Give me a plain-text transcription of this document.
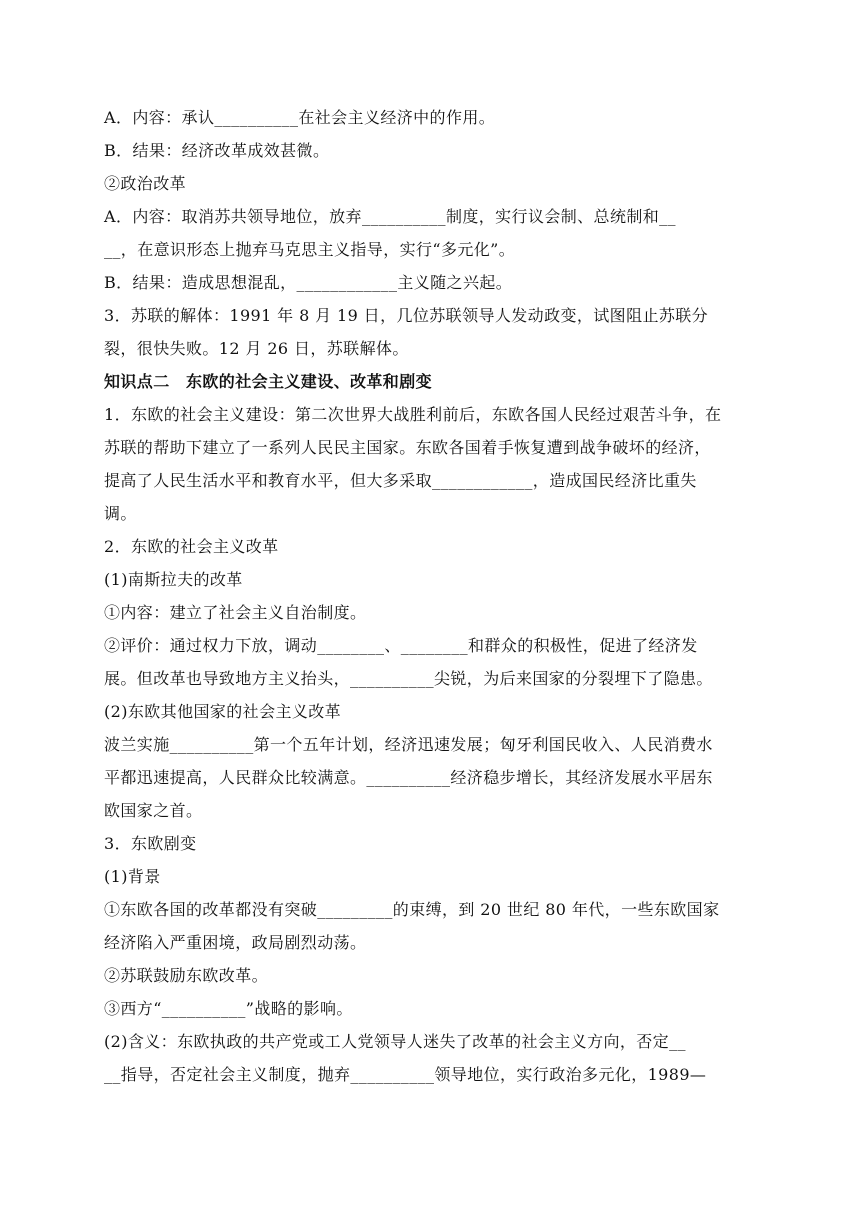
A．内容：承认__________在社会主义经济中的作用。
B．结果：经济改革成效甚微。
②政治改革
A．内容：取消苏共领导地位，放弃__________制度，实行议会制、总统制和__
__，在意识形态上抛弃马克思主义指导，实行“多元化”。
B．结果：造成思想混乱，____________主义随之兴起。
3．苏联的解体：1991 年 8 月 19 日，几位苏联领导人发动政变，试图阻止苏联分
裂，很快失败。12 月 26 日，苏联解体。
知识点二　东欧的社会主义建设、改革和剧变
1．东欧的社会主义建设：第二次世界大战胜利前后，东欧各国人民经过艰苦斗争，在
苏联的帮助下建立了一系列人民民主国家。东欧各国着手恢复遭到战争破坏的经济，
提高了人民生活水平和教育水平，但大多采取____________，造成国民经济比重失
调。
2．东欧的社会主义改革
(1)南斯拉夫的改革
①内容：建立了社会主义自治制度。
②评价：通过权力下放，调动________、________和群众的积极性，促进了经济发
展。但改革也导致地方主义抬头，__________尖锐，为后来国家的分裂埋下了隐患。
(2)东欧其他国家的社会主义改革
波兰实施__________第一个五年计划，经济迅速发展；匈牙利国民收入、人民消费水
平都迅速提高，人民群众比较满意。__________经济稳步增长，其经济发展水平居东
欧国家之首。
3．东欧剧变
(1)背景
①东欧各国的改革都没有突破_________的束缚，到 20 世纪 80 年代，一些东欧国家
经济陷入严重困境，政局剧烈动荡。
②苏联鼓励东欧改革。
③西方“__________”战略的影响。
(2)含义：东欧执政的共产党或工人党领导人迷失了改革的社会主义方向，否定__
__指导，否定社会主义制度，抛弃__________领导地位，实行政治多元化，1989—
